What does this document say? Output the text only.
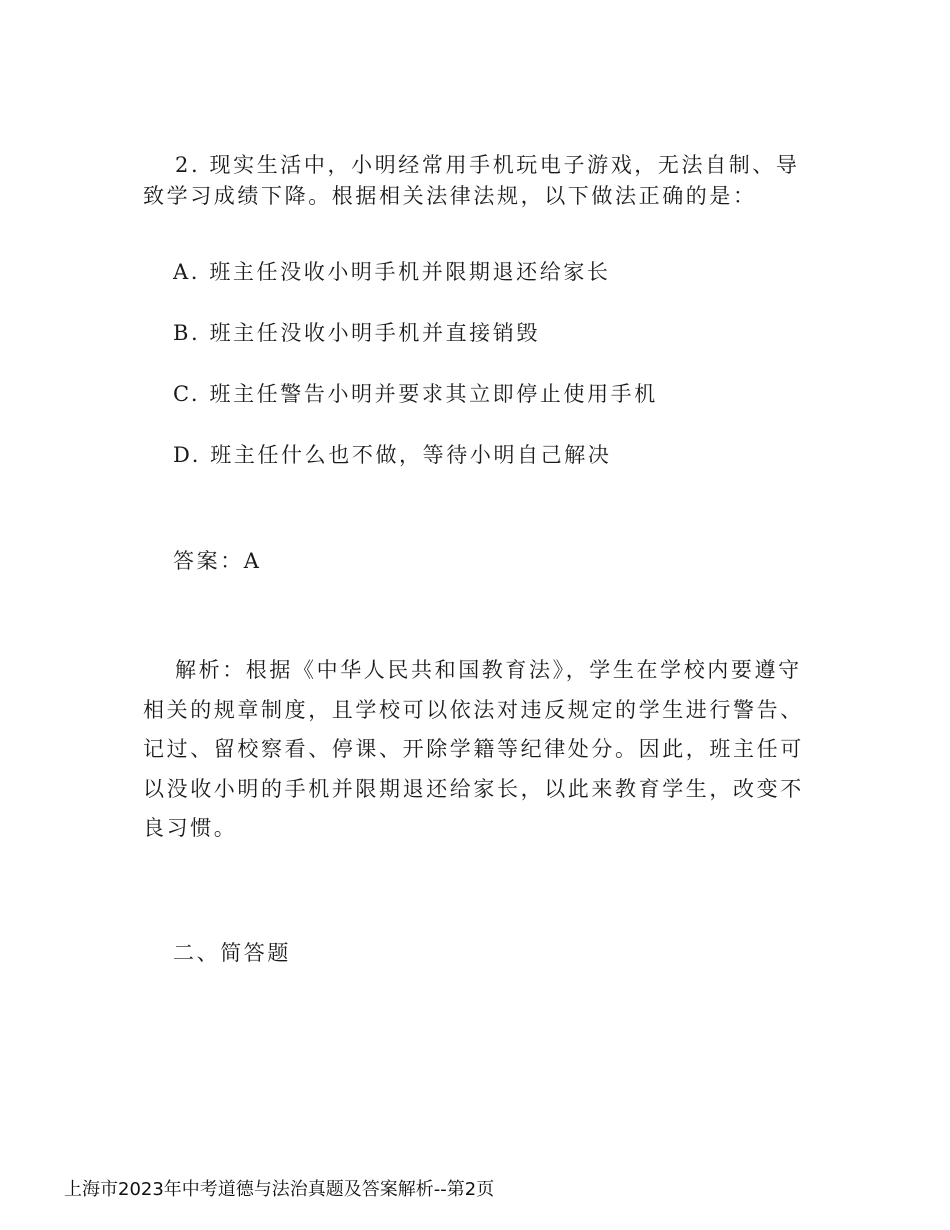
2. 现实生活中，小明经常用手机玩电子游戏，无法自制、导致学习成绩下降。根据相关法律法规，以下做法正确的是：

A. 班主任没收小明手机并限期退还给家长

B. 班主任没收小明手机并直接销毁

C. 班主任警告小明并要求其立即停止使用手机

D. 班主任什么也不做，等待小明自己解决

答案：A

解析：根据《中华人民共和国教育法》，学生在学校内要遵守相关的规章制度，且学校可以依法对违反规定的学生进行警告、记过、留校察看、停课、开除学籍等纪律处分。因此，班主任可以没收小明的手机并限期退还给家长，以此来教育学生，改变不良习惯。

二、简答题

上海市2023年中考道德与法治真题及答案解析--第2页
